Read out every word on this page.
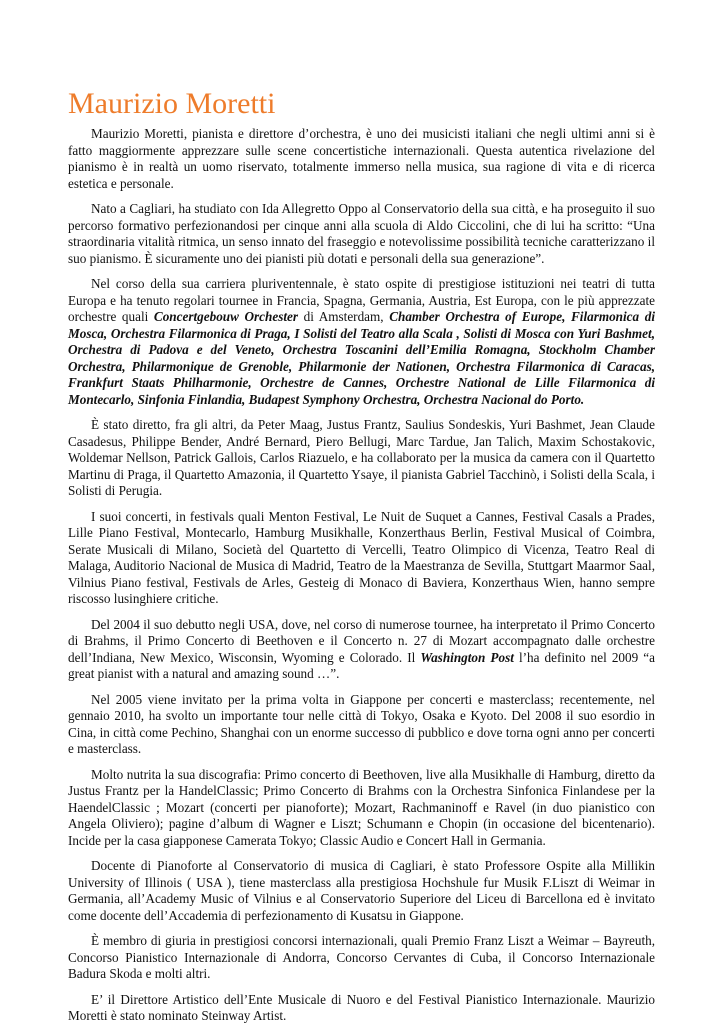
Maurizio Moretti

Maurizio Moretti, pianista e direttore d’orchestra, è uno dei musicisti italiani che negli ultimi anni si è fatto maggiormente apprezzare sulle scene concertistiche internazionali. Questa autentica rivelazione del pianismo è in realtà un uomo riservato, totalmente immerso nella musica, sua ragione di vita e di ricerca estetica e personale.

Nato a Cagliari, ha studiato con Ida Allegretto Oppo al Conservatorio della sua città, e ha proseguito il suo percorso formativo perfezionandosi per cinque anni alla scuola di Aldo Ciccolini, che di lui ha scritto: “Una straordinaria vitalità ritmica, un senso innato del fraseggio e notevolissime possibilità tecniche caratterizzano il suo pianismo. È sicuramente uno dei pianisti più dotati e personali della sua generazione”.

Nel corso della sua carriera pluriventennale, è stato ospite di prestigiose istituzioni nei teatri di tutta Europa e ha tenuto regolari tournee in Francia, Spagna, Germania, Austria, Est Europa, con le più apprezzate orchestre quali Concertgebouw Orchester di Amsterdam, Chamber Orchestra of Europe, Filarmonica di Mosca, Orchestra Filarmonica di Praga, I Solisti del Teatro alla Scala , Solisti di Mosca con Yuri Bashmet, Orchestra di Padova e del Veneto, Orchestra Toscanini dell’Emilia Romagna, Stockholm Chamber Orchestra, Philarmonique de Grenoble, Philarmonie der Nationen, Orchestra Filarmonica di Caracas, Frankfurt Staats Philharmonie, Orchestre de Cannes, Orchestre National de Lille Filarmonica di Montecarlo, Sinfonia Finlandia, Budapest Symphony Orchestra, Orchestra Nacional do Porto.

È stato diretto, fra gli altri, da Peter Maag, Justus Frantz, Saulius Sondeskis, Yuri Bashmet, Jean Claude Casadesus, Philippe Bender, André Bernard, Piero Bellugi, Marc Tardue, Jan Talich, Maxim Schostakovic, Woldemar Nellson, Patrick Gallois, Carlos Riazuelo, e ha collaborato per la musica da camera con il Quartetto Martinu di Praga, il Quartetto Amazonia, il Quartetto Ysaye, il pianista Gabriel Tacchinò, i Solisti della Scala, i Solisti di Perugia.

I suoi concerti, in festivals quali Menton Festival, Le Nuit de Suquet a Cannes, Festival Casals a Prades, Lille Piano Festival, Montecarlo, Hamburg Musikhalle, Konzerthaus Berlin, Festival Musical of Coimbra, Serate Musicali di Milano, Società del Quartetto di Vercelli, Teatro Olimpico di Vicenza, Teatro Real di Malaga, Auditorio Nacional de Musica di Madrid, Teatro de la Maestranza de Sevilla, Stuttgart Maarmor Saal, Vilnius Piano festival, Festivals de Arles, Gesteig di Monaco di Baviera, Konzerthaus Wien, hanno sempre riscosso lusinghiere critiche.

Del 2004 il suo debutto negli USA, dove, nel corso di numerose tournee, ha interpretato il Primo Concerto di Brahms, il Primo Concerto di Beethoven e il Concerto n. 27 di Mozart accompagnato dalle orchestre dell’Indiana, New Mexico, Wisconsin, Wyoming e Colorado. Il Washington Post l’ha definito nel 2009 “a great pianist with a natural and amazing sound …”.

Nel 2005 viene invitato per la prima volta in Giappone per concerti e masterclass; recentemente, nel gennaio 2010, ha svolto un importante tour nelle città di Tokyo, Osaka e Kyoto. Del 2008 il suo esordio in Cina, in città come Pechino, Shanghai con un enorme successo di pubblico e dove torna ogni anno per concerti e masterclass.

Molto nutrita la sua discografia: Primo concerto di Beethoven, live alla Musikhalle di Hamburg, diretto da Justus Frantz per la HandelClassic; Primo Concerto di Brahms con la Orchestra Sinfonica Finlandese per la HaendelClassic ; Mozart (concerti per pianoforte); Mozart, Rachmaninoff e Ravel (in duo pianistico con Angela Oliviero); pagine d’album di Wagner e Liszt; Schumann e Chopin (in occasione del bicentenario). Incide per la casa giapponese Camerata Tokyo; Classic Audio e Concert Hall in Germania.

Docente di Pianoforte al Conservatorio di musica di Cagliari, è stato Professore Ospite alla Millikin University of Illinois ( USA ), tiene masterclass alla prestigiosa Hochshule fur Musik F.Liszt di Weimar in Germania, all’Academy Music of Vilnius e al Conservatorio Superiore del Liceu di Barcellona ed è invitato come docente dell’Accademia di perfezionamento di Kusatsu in Giappone.

È membro di giuria in prestigiosi concorsi internazionali, quali Premio Franz Liszt a Weimar – Bayreuth, Concorso Pianistico Internazionale di Andorra, Concorso Cervantes di Cuba, il Concorso Internazionale Badura Skoda e molti altri.

E’ il Direttore Artistico dell’Ente Musicale di Nuoro e del Festival Pianistico Internazionale. Maurizio Moretti è stato nominato Steinway Artist.
